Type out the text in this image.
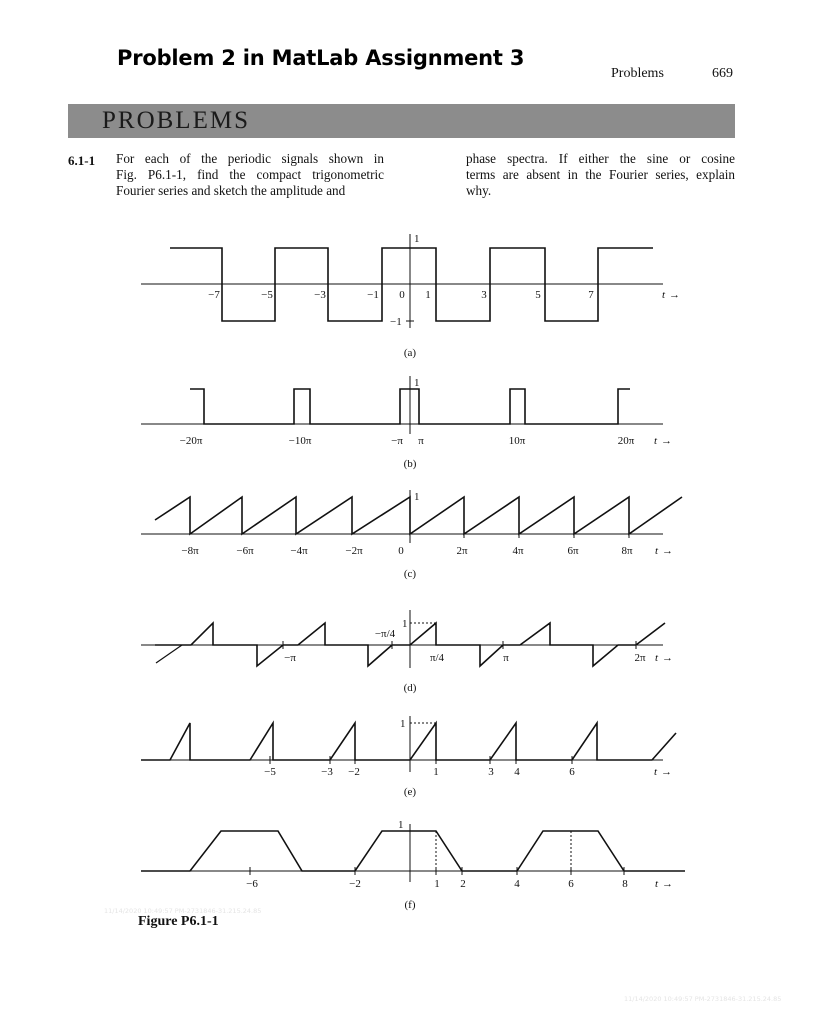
Problem 2 in MatLab Assignment 3
Problems	669
PROBLEMS
6.1-1 For each of the periodic signals shown in
Fig. P6.1-1, find the compact trigonometric
Fourier series and sketch the amplitude and
phase spectra. If either the sine or cosine
terms are absent in the Fourier series, explain
why.
−7	−5	−3	−1 0 1	3	5	7
1
−1
t →
(a)
−20π	−10π	−π π	10π	20π
1
t →
(b)
−8π	−6π	−4π	−2π	0	2π	4π	6π	8π
1
t →
(c)
−π
−π/4
π/4	π	2π
1
t →
(d)
−5	−3 −2	1	3 4	6
1
t →
(e)
−6	−2	1 2	4	6	8
1
t →
(f)
Figure P6.1-1
11/14/2020 10:49:57 PM-2731846-31.215.24.85
11/14/2020 10:49:57 PM-2731846-31.215.24.85
